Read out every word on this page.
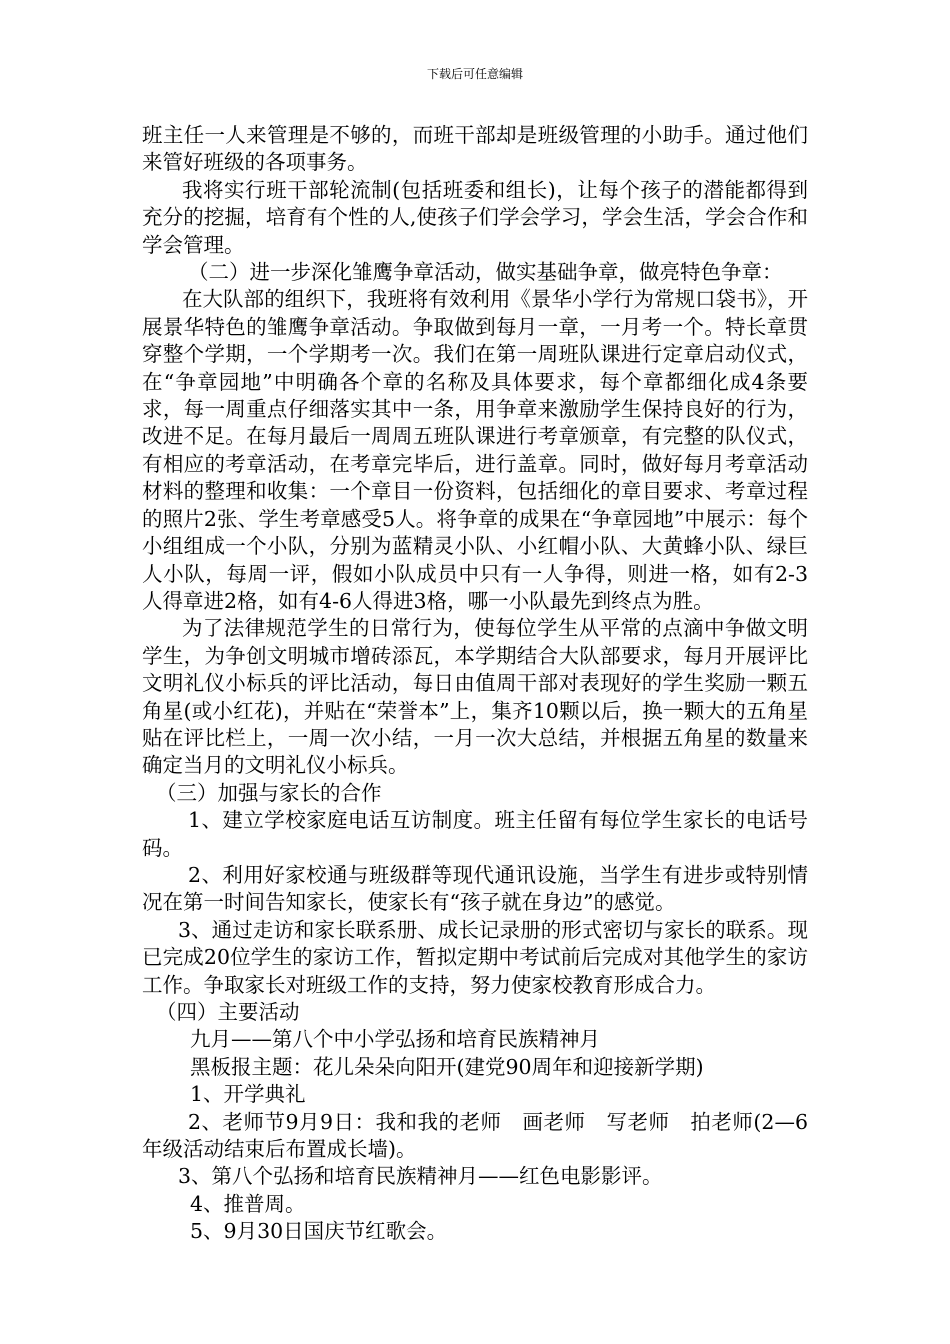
下载后可任意编辑

班主任一人来管理是不够的，而班干部却是班级管理的小助手。通过他们来管好班级的各项事务。

我将实行班干部轮流制(包括班委和组长)，让每个孩子的潜能都得到充分的挖掘，培育有个性的人,使孩子们学会学习，学会生活，学会合作和学会管理。

（二）进一步深化雏鹰争章活动，做实基础争章，做亮特色争章：

在大队部的组织下，我班将有效利用《景华小学行为常规口袋书》，开展景华特色的雏鹰争章活动。争取做到每月一章，一月考一个。特长章贯穿整个学期，一个学期考一次。我们在第一周班队课进行定章启动仪式，在“争章园地”中明确各个章的名称及具体要求，每个章都细化成4条要求，每一周重点仔细落实其中一条，用争章来激励学生保持良好的行为，改进不足。在每月最后一周周五班队课进行考章颁章，有完整的队仪式，有相应的考章活动，在考章完毕后，进行盖章。同时，做好每月考章活动材料的整理和收集：一个章目一份资料，包括细化的章目要求、考章过程的照片2张、学生考章感受5人。将争章的成果在“争章园地”中展示：每个小组组成一个小队，分别为蓝精灵小队、小红帽小队、大黄蜂小队、绿巨人小队，每周一评，假如小队成员中只有一人争得，则进一格，如有2-3人得章进2格，如有4-6人得进3格，哪一小队最先到终点为胜。

为了法律规范学生的日常行为，使每位学生从平常的点滴中争做文明学生，为争创文明城市增砖添瓦，本学期结合大队部要求，每月开展评比文明礼仪小标兵的评比活动，每日由值周干部对表现好的学生奖励一颗五角星(或小红花)，并贴在“荣誉本”上，集齐10颗以后，换一颗大的五角星贴在评比栏上，一周一次小结，一月一次大总结，并根据五角星的数量来确定当月的文明礼仪小标兵。

（三）加强与家长的合作

1、建立学校家庭电话互访制度。班主任留有每位学生家长的电话号码。

2、利用好家校通与班级群等现代通讯设施，当学生有进步或特别情况在第一时间告知家长，使家长有“孩子就在身边”的感觉。

3、通过走访和家长联系册、成长记录册的形式密切与家长的联系。现已完成20位学生的家访工作，暂拟定期中考试前后完成对其他学生的家访工作。争取家长对班级工作的支持，努力使家校教育形成合力。

（四）主要活动

九月——第八个中小学弘扬和培育民族精神月

黑板报主题：花儿朵朵向阳开(建党90周年和迎接新学期)

1、开学典礼

2、老师节9月9日：我和我的老师　画老师　写老师　拍老师(2—6年级活动结束后布置成长墙)。

3、第八个弘扬和培育民族精神月——红色电影影评。

4、推普周。

5、9月30日国庆节红歌会。
